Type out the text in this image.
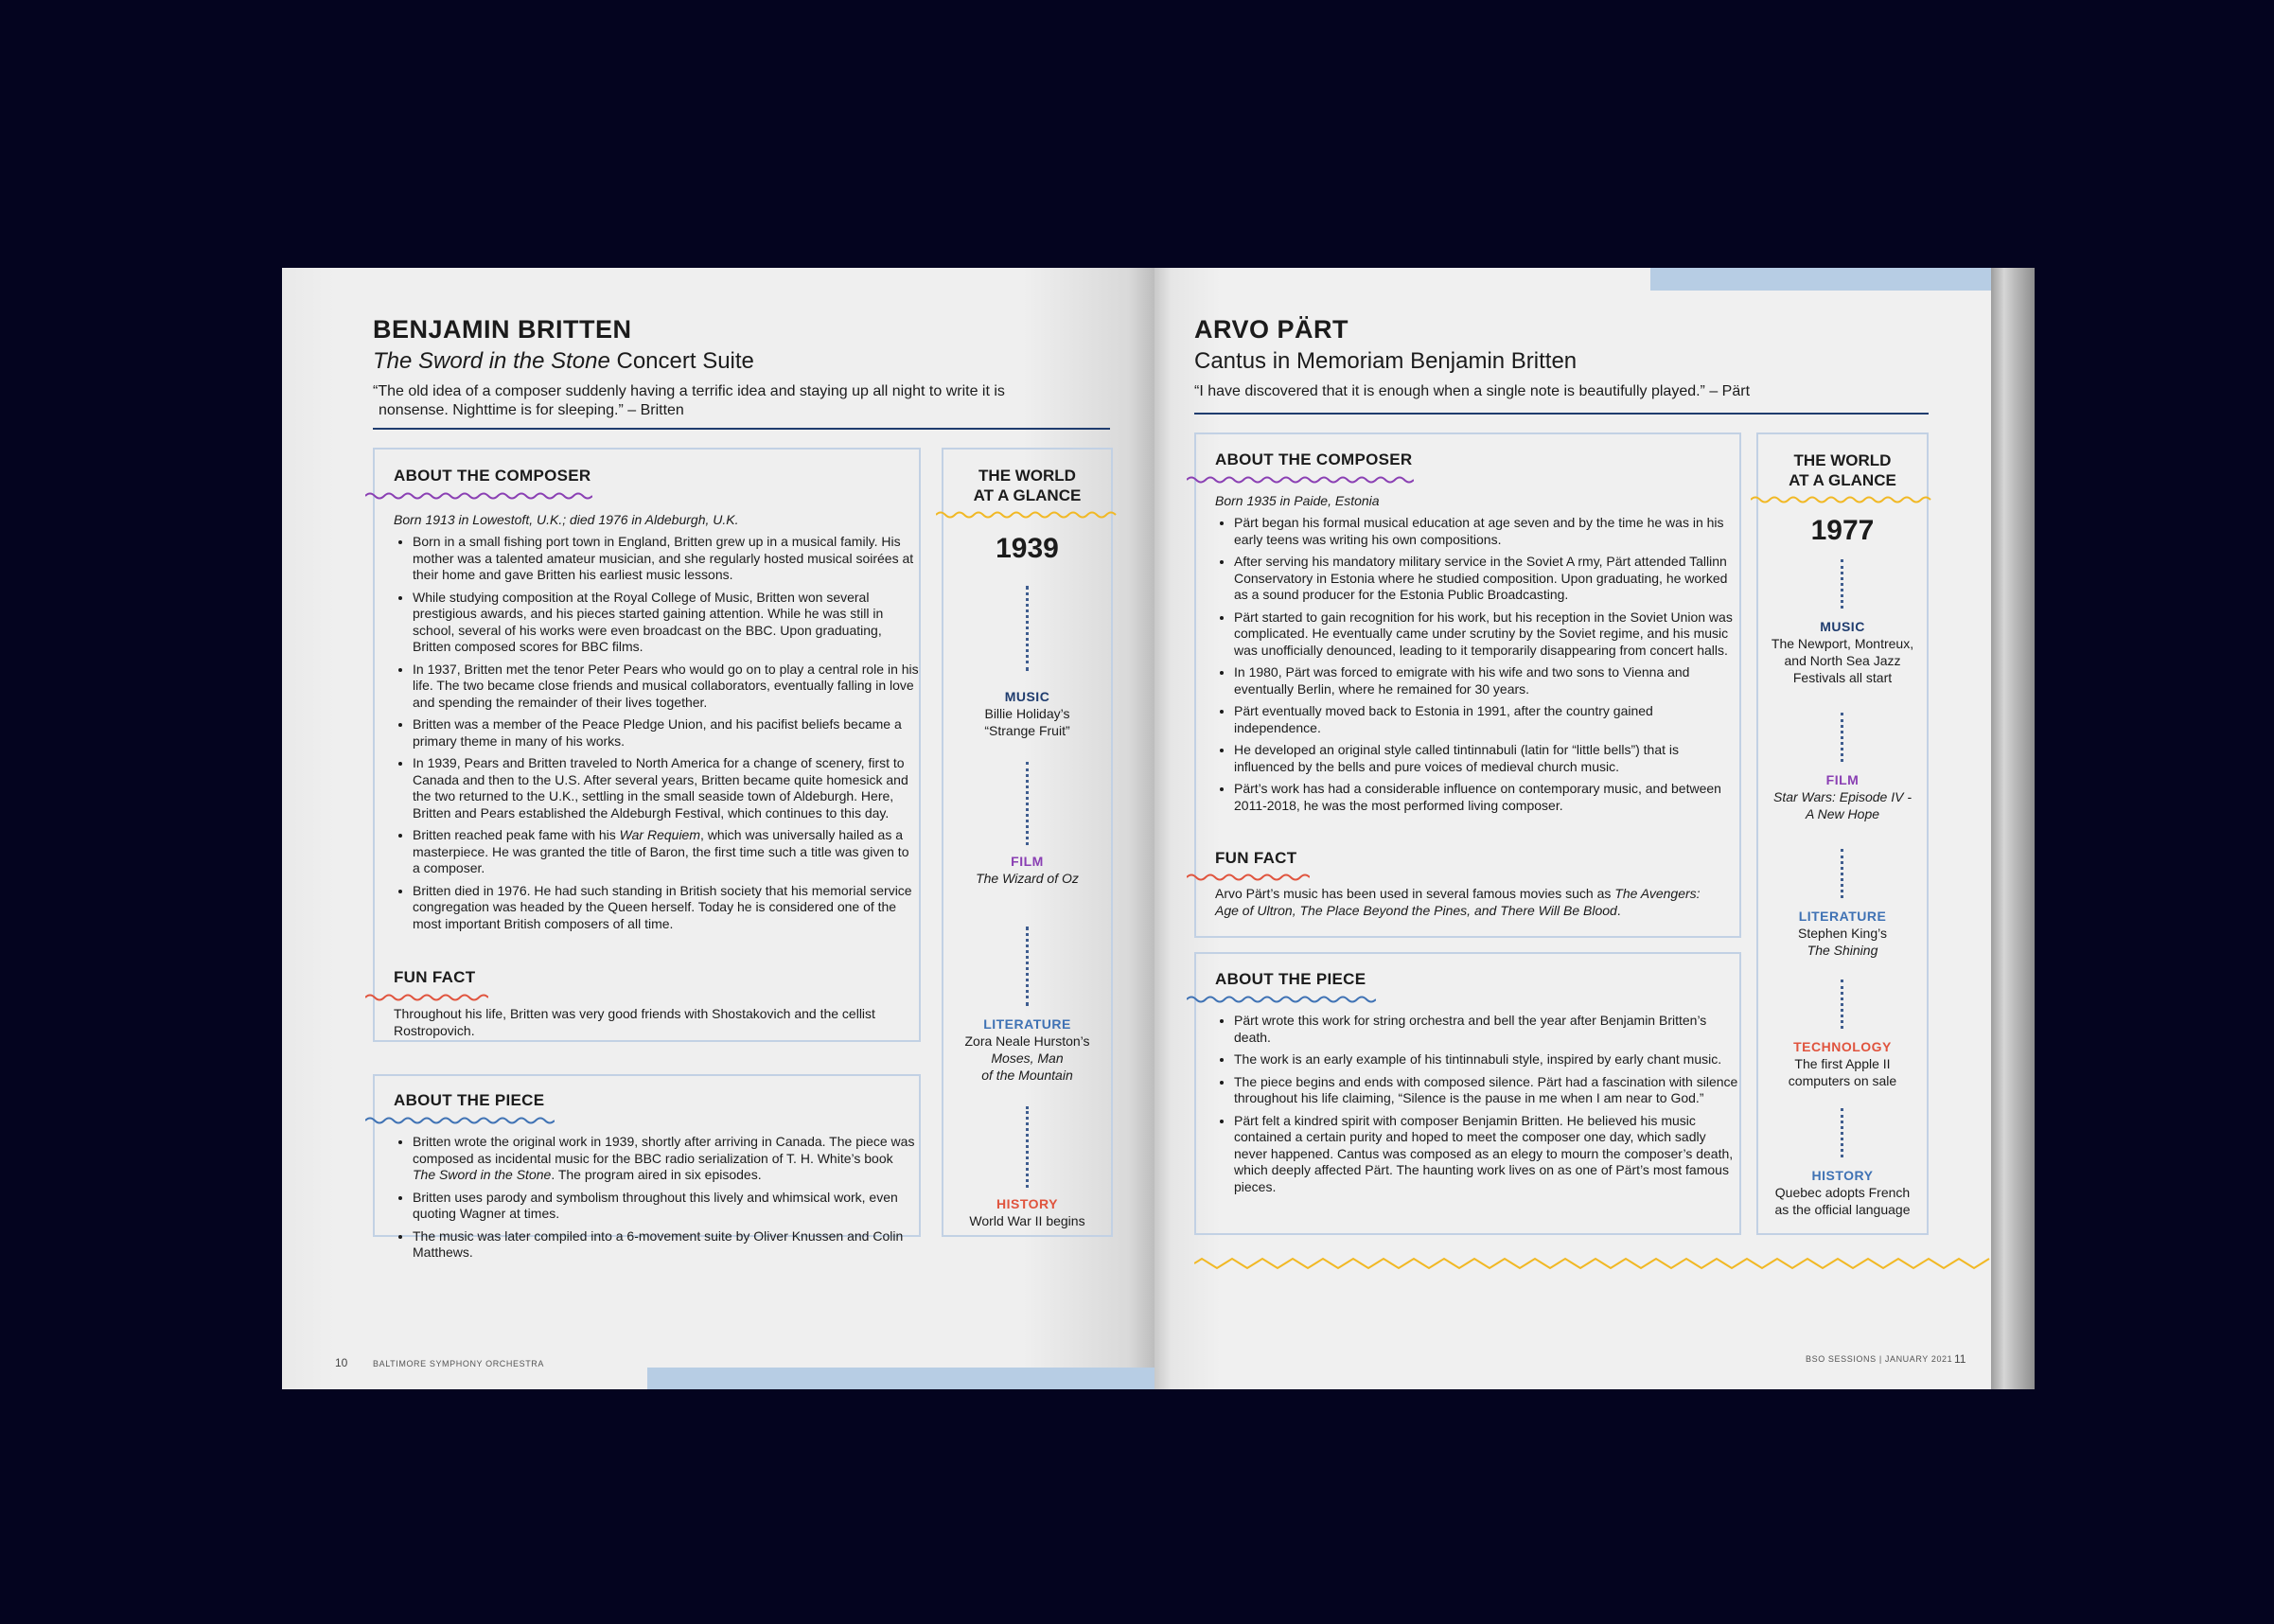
BENJAMIN BRITTEN
The Sword in the Stone Concert Suite
“The old idea of a composer suddenly having a terrific idea and staying up all night to write it is
nonsense. Nighttime is for sleeping.” – Britten
ABOUT THE COMPOSER
Born 1913 in Lowestoft, U.K.; died 1976 in Aldeburgh, U.K.
• Born in a small fishing port town in England, Britten grew up in a musical family. His mother was a talented amateur musician, and she regularly hosted musical soirées at their home and gave Britten his earliest music lessons.
• While studying composition at the Royal College of Music, Britten won several prestigious awards, and his pieces started gaining attention. While he was still in school, several of his works were even broadcast on the BBC. Upon graduating, Britten composed scores for BBC films.
• In 1937, Britten met the tenor Peter Pears who would go on to play a central role in his life. The two became close friends and musical collaborators, eventually falling in love and spending the remainder of their lives together.
• Britten was a member of the Peace Pledge Union, and his pacifist beliefs became a primary theme in many of his works.
• In 1939, Pears and Britten traveled to North America for a change of scenery, first to Canada and then to the U.S. After several years, Britten became quite homesick and the two returned to the U.K., settling in the small seaside town of Aldeburgh. Here, Britten and Pears established the Aldeburgh Festival, which continues to this day.
• Britten reached peak fame with his War Requiem, which was universally hailed as a masterpiece. He was granted the title of Baron, the first time such a title was given to a composer.
• Britten died in 1976. He had such standing in British society that his memorial service congregation was headed by the Queen herself. Today he is considered one of the most important British composers of all time.
FUN FACT
Throughout his life, Britten was very good friends with Shostakovich and the cellist Rostropovich.
ABOUT THE PIECE
• Britten wrote the original work in 1939, shortly after arriving in Canada. The piece was composed as incidental music for the BBC radio serialization of T. H. White’s book The Sword in the Stone. The program aired in six episodes.
• Britten uses parody and symbolism throughout this lively and whimsical work, even quoting Wagner at times.
• The music was later compiled into a 6-movement suite by Oliver Knussen and Colin Matthews.
THE WORLD
AT A GLANCE
1939
MUSIC
Billie Holiday’s
“Strange Fruit”
FILM
The Wizard of Oz
LITERATURE
Zora Neale Hurston’s
Moses, Man
of the Mountain
HISTORY
World War II begins
10	BALTIMORE SYMPHONY ORCHESTRA
ARVO PÄRT
Cantus in Memoriam Benjamin Britten
“I have discovered that it is enough when a single note is beautifully played.” – Pärt
ABOUT THE COMPOSER
Born 1935 in Paide, Estonia
• Pärt began his formal musical education at age seven and by the time he was in his early teens was writing his own compositions.
• After serving his mandatory military service in the Soviet A rmy, Pärt attended Tallinn Conservatory in Estonia where he studied composition. Upon graduating, he worked as a sound producer for the Estonia Public Broadcasting.
• Pärt started to gain recognition for his work, but his reception in the Soviet Union was complicated. He eventually came under scrutiny by the Soviet regime, and his music was unofficially denounced, leading to it temporarily disappearing from concert halls.
• In 1980, Pärt was forced to emigrate with his wife and two sons to Vienna and eventually Berlin, where he remained for 30 years.
• Pärt eventually moved back to Estonia in 1991, after the country gained independence.
• He developed an original style called tintinnabuli (latin for “little bells”) that is influenced by the bells and pure voices of medieval church music.
• Pärt’s work has had a considerable influence on contemporary music, and between 2011-2018, he was the most performed living composer.
FUN FACT
Arvo Pärt’s music has been used in several famous movies such as The Avengers: Age of Ultron, The Place Beyond the Pines, and There Will Be Blood.
ABOUT THE PIECE
• Pärt wrote this work for string orchestra and bell the year after Benjamin Britten’s death.
• The work is an early example of his tintinnabuli style, inspired by early chant music.
• The piece begins and ends with composed silence. Pärt had a fascination with silence throughout his life claiming, “Silence is the pause in me when I am near to God.”
• Pärt felt a kindred spirit with composer Benjamin Britten. He believed his music contained a certain purity and hoped to meet the composer one day, which sadly never happened. Cantus was composed as an elegy to mourn the composer’s death, which deeply affected Pärt. The haunting work lives on as one of Pärt’s most famous pieces.
THE WORLD
AT A GLANCE
1977
MUSIC
The Newport, Montreux,
and North Sea Jazz
Festivals all start
FILM
Star Wars: Episode IV -
A New Hope
LITERATURE
Stephen King’s
The Shining
TECHNOLOGY
The first Apple II
computers on sale
HISTORY
Quebec adopts French
as the official language
BSO SESSIONS | JANUARY 2021 11
